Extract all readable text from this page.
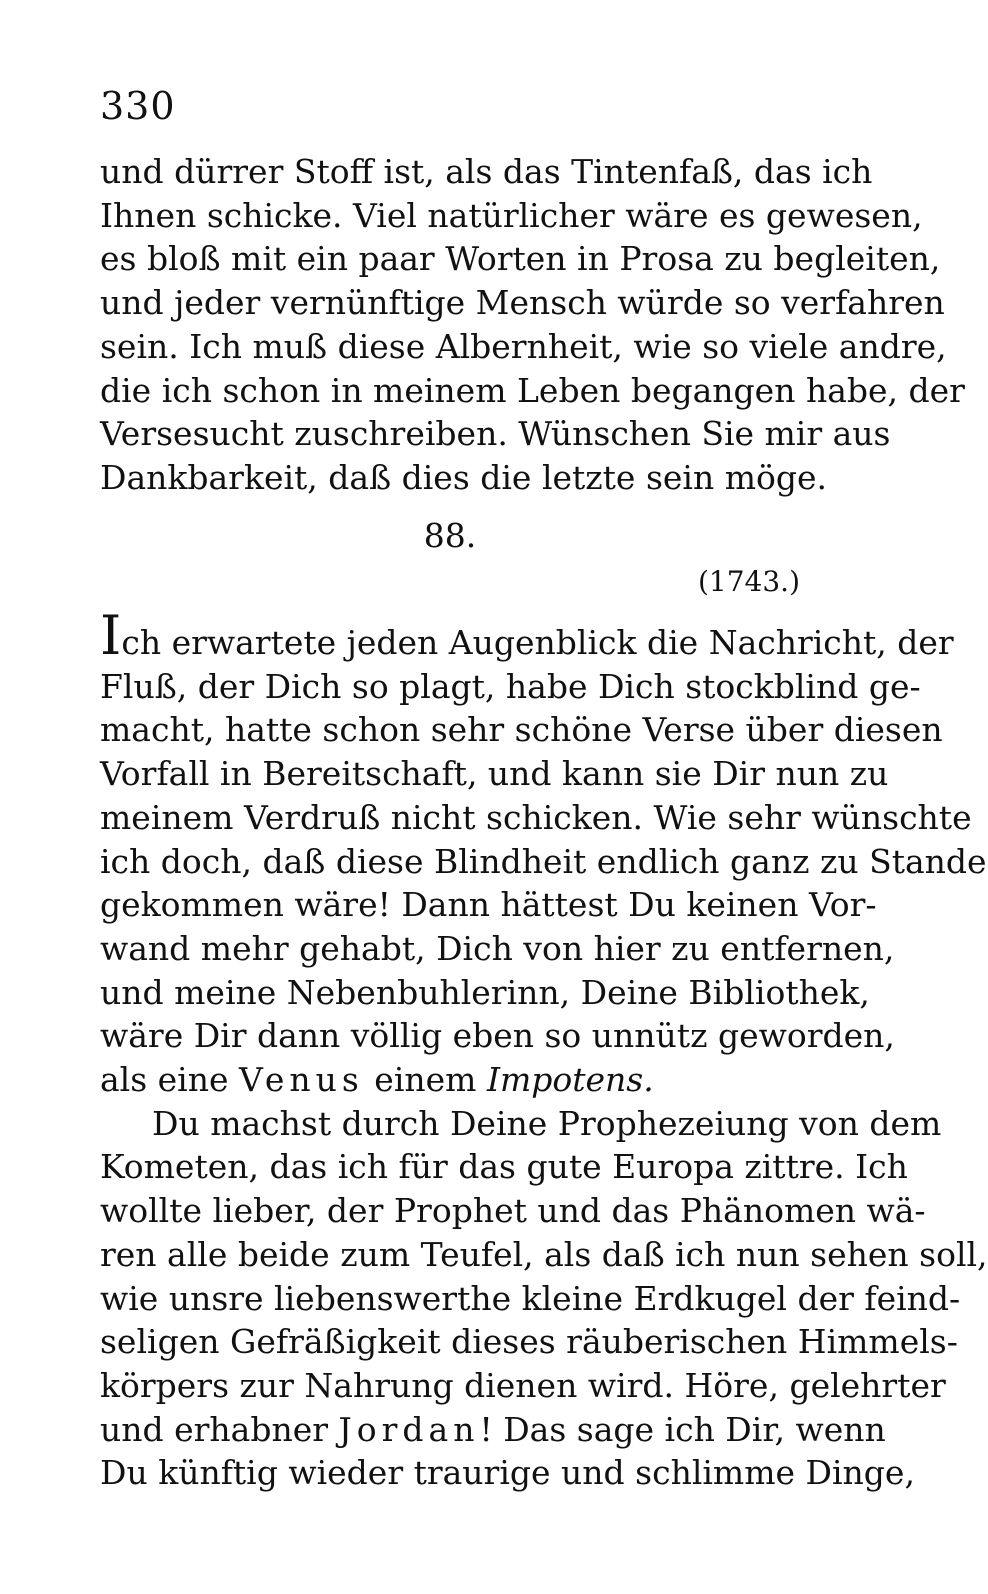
330
und dürrer Stoff ist, als das Tintenfaß, das ich
Ihnen schicke. Viel natürlicher wäre es gewesen,
es bloß mit ein paar Worten in Prosa zu begleiten,
und jeder vernünftige Mensch würde so verfahren
sein. Ich muß diese Albernheit, wie so viele andre,
die ich schon in meinem Leben begangen habe, der
Versesucht zuschreiben. Wünschen Sie mir aus
Dankbarkeit, daß dies die letzte sein möge.
88.
(1743.)
Ich erwartete jeden Augenblick die Nachricht, der
Fluß, der Dich so plagt, habe Dich stockblind ge-
macht, hatte schon sehr schöne Verse über diesen
Vorfall in Bereitschaft, und kann sie Dir nun zu
meinem Verdruß nicht schicken. Wie sehr wünschte
ich doch, daß diese Blindheit endlich ganz zu Stande
gekommen wäre! Dann hättest Du keinen Vor-
wand mehr gehabt, Dich von hier zu entfernen,
und meine Nebenbuhlerinn, Deine Bibliothek,
wäre Dir dann völlig eben so unnütz geworden,
als eine Venus einem Impotens.
Du machst durch Deine Prophezeiung von dem
Kometen, das ich für das gute Europa zittre. Ich
wollte lieber, der Prophet und das Phänomen wä-
ren alle beide zum Teufel, als daß ich nun sehen soll,
wie unsre liebenswerthe kleine Erdkugel der feind-
seligen Gefräßigkeit dieses räuberischen Himmels-
körpers zur Nahrung dienen wird. Höre, gelehrter
und erhabner Jordan! Das sage ich Dir, wenn
Du künftig wieder traurige und schlimme Dinge,
